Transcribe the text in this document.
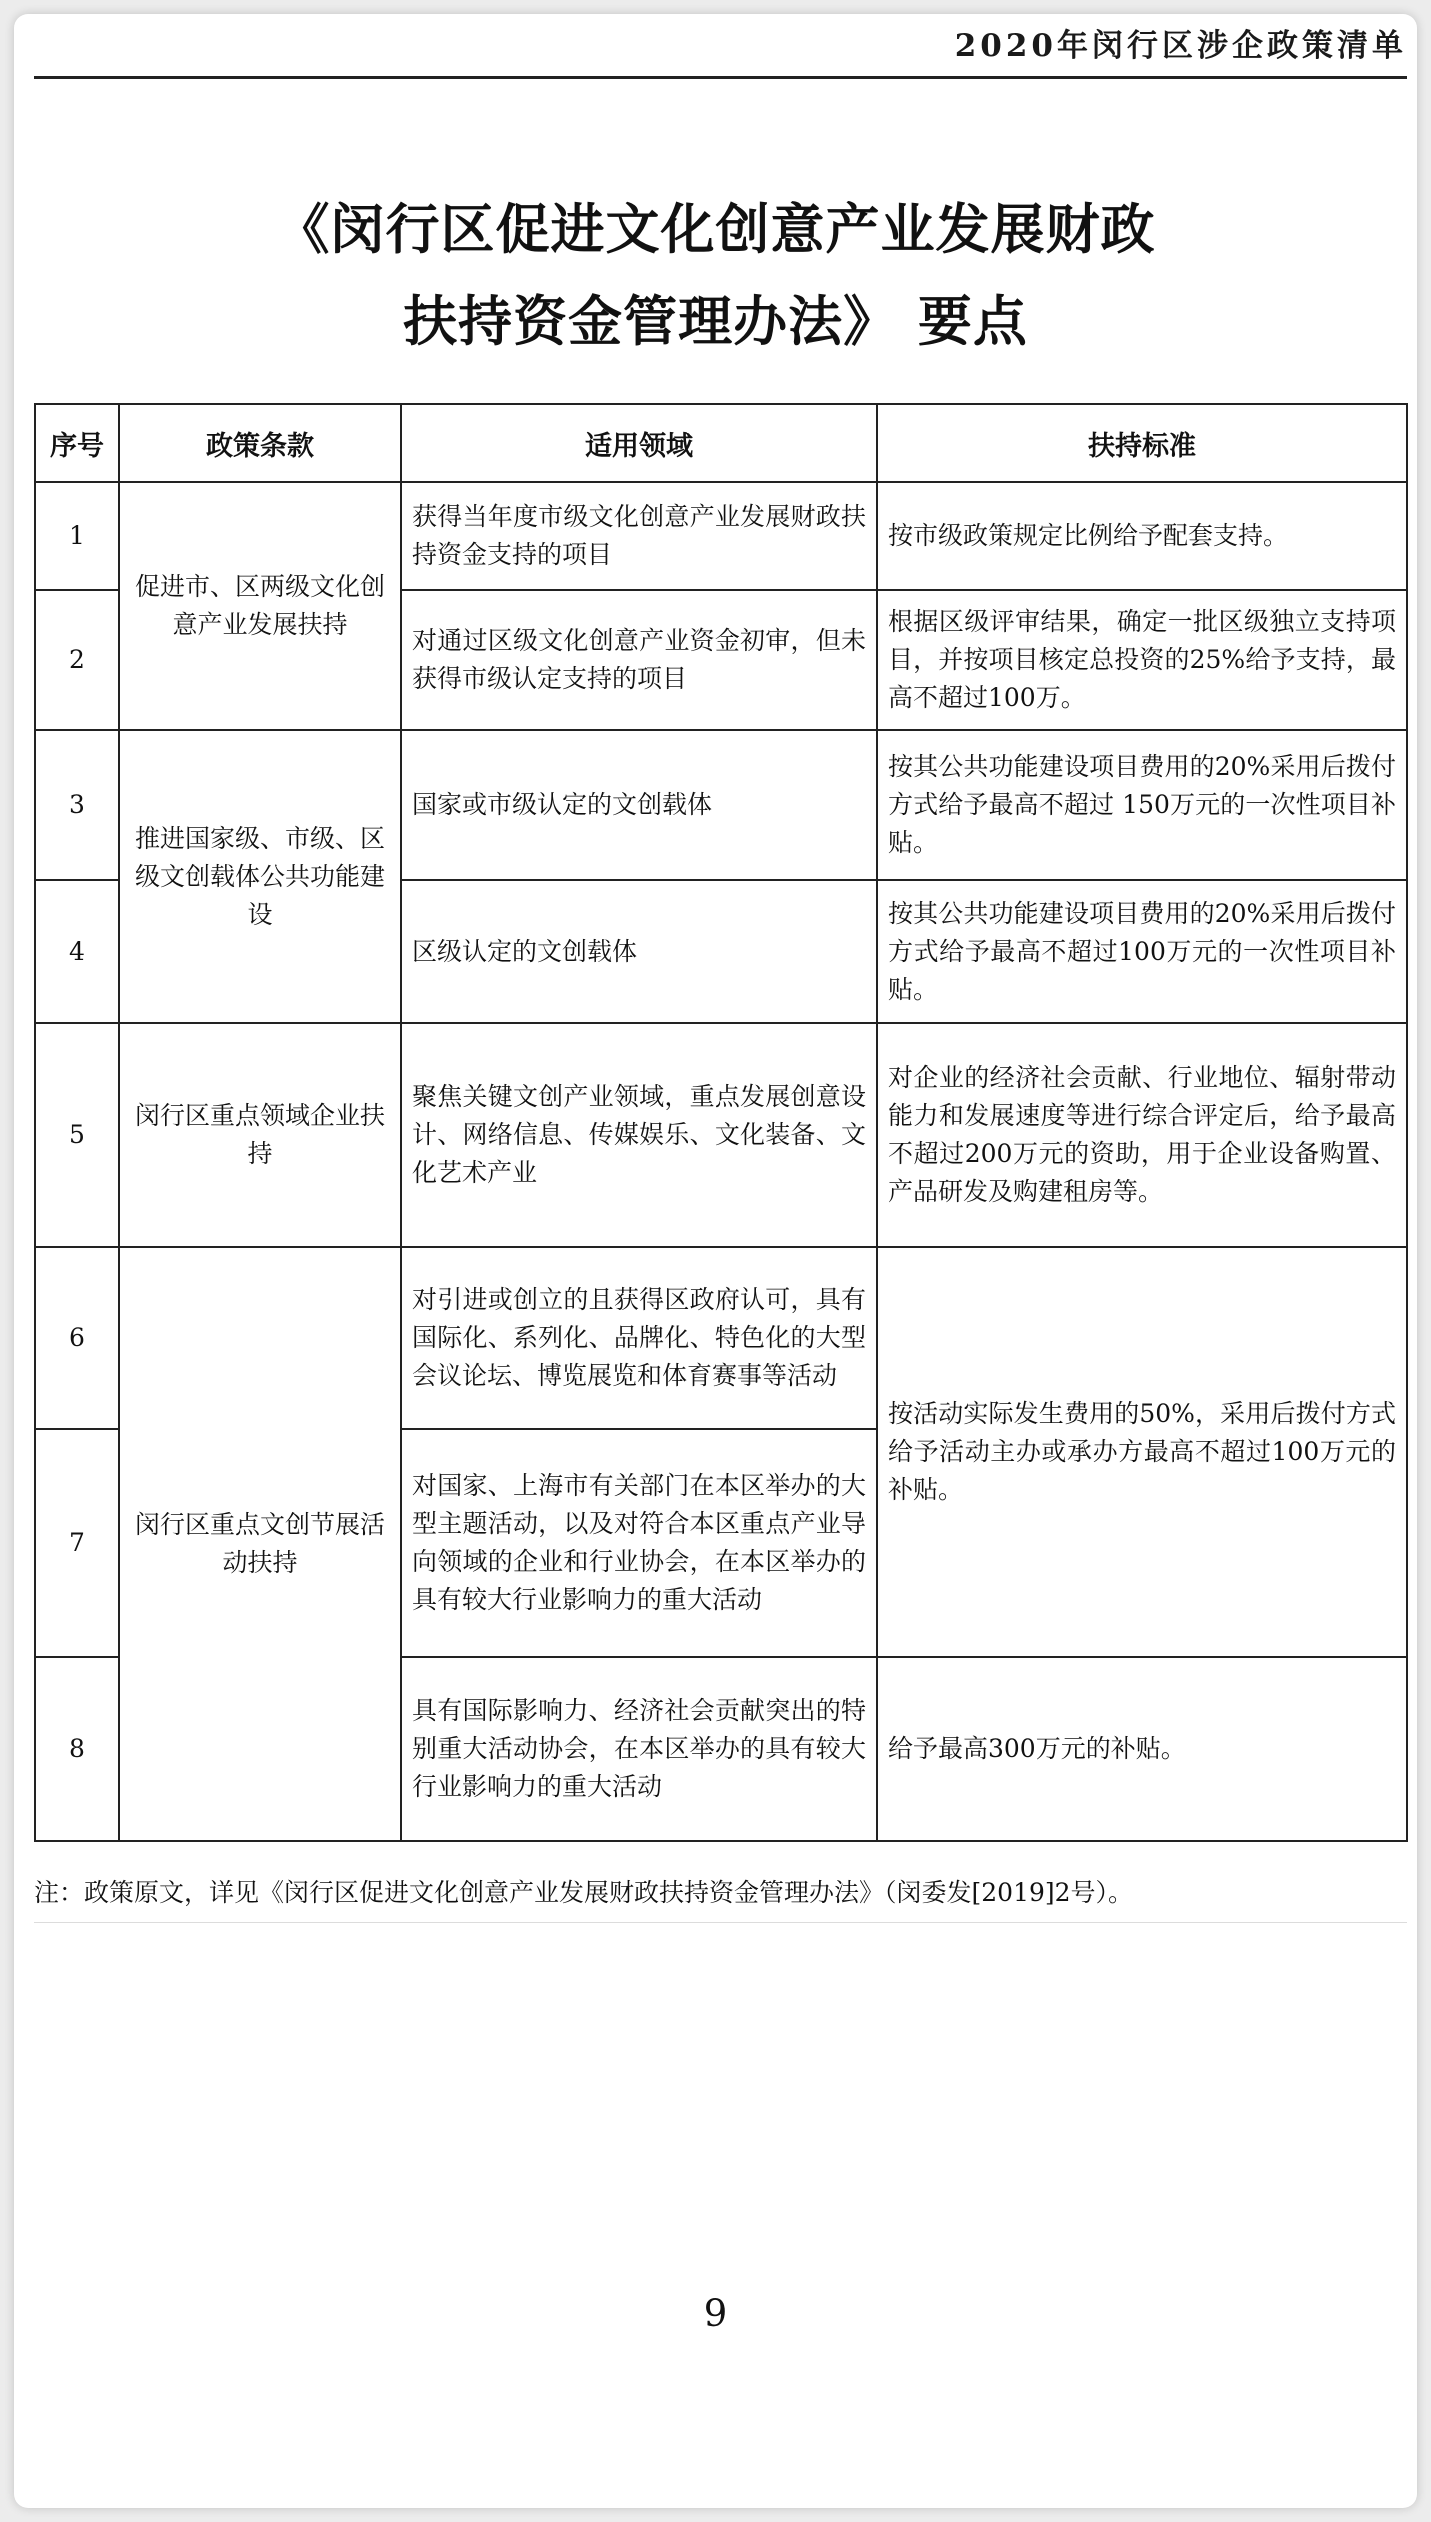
2020年闵行区涉企政策清单
《闵行区促进文化创意产业发展财政
扶持资金管理办法》 要点
序号	政策条款	适用领域	扶持标准
1	促进市、区两级文化创意产业发展扶持	获得当年度市级文化创意产业发展财政扶持资金支持的项目	按市级政策规定比例给予配套支持。
2		对通过区级文化创意产业资金初审，但未获得市级认定支持的项目	根据区级评审结果，确定一批区级独立支持项目，并按项目核定总投资的25%给予支持，最高不超过100万。
3	推进国家级、市级、区级文创载体公共功能建设	国家或市级认定的文创载体	按其公共功能建设项目费用的20%采用后拨付方式给予最高不超过 150万元的一次性项目补贴。
4		区级认定的文创载体	按其公共功能建设项目费用的20%采用后拨付方式给予最高不超过100万元的一次性项目补贴。
5	闵行区重点领域企业扶持	聚焦关键文创产业领域，重点发展创意设计、网络信息、传媒娱乐、文化装备、文化艺术产业	对企业的经济社会贡献、行业地位、辐射带动能力和发展速度等进行综合评定后，给予最高不超过200万元的资助，用于企业设备购置、产品研发及购建租房等。
6	闵行区重点文创节展活动扶持	对引进或创立的且获得区政府认可，具有国际化、系列化、品牌化、特色化的大型会议论坛、博览展览和体育赛事等活动	按活动实际发生费用的50%，采用后拨付方式给予活动主办或承办方最高不超过100万元的补贴。
7		对国家、上海市有关部门在本区举办的大型主题活动，以及对符合本区重点产业导向领域的企业和行业协会，在本区举办的具有较大行业影响力的重大活动	
8		具有国际影响力、经济社会贡献突出的特别重大活动协会，在本区举办的具有较大行业影响力的重大活动	给予最高300万元的补贴。
注：政策原文，详见《闵行区促进文化创意产业发展财政扶持资金管理办法》（闵委发[2019]2号）。
9
